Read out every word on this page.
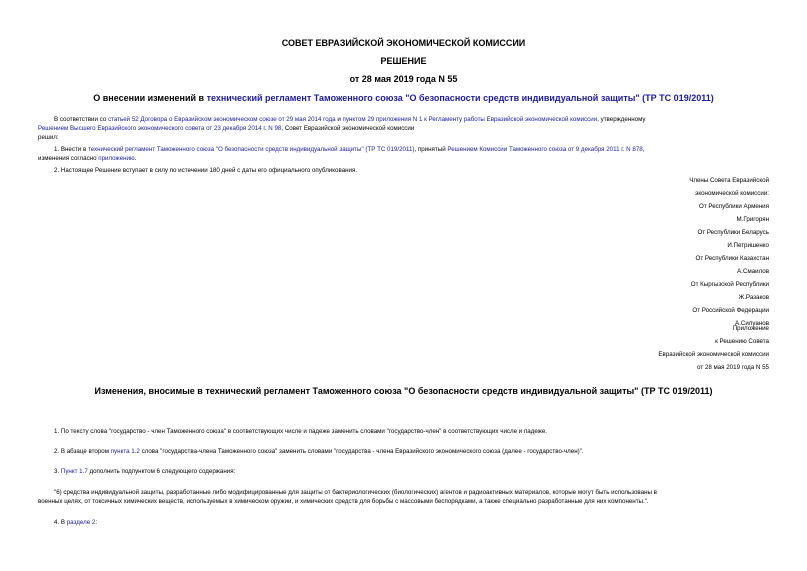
СОВЕТ ЕВРАЗИЙСКОЙ ЭКОНОМИЧЕСКОЙ КОМИССИИ
РЕШЕНИЕ
от 28 мая 2019 года N 55
О внесении изменений в технический регламент Таможенного союза "О безопасности средств индивидуальной защиты" (ТР ТС 019/2011)
В соответствии со статьей 52 Договора о Евразийском экономическом союзе от 29 мая 2014 года и пунктом 29 приложения N 1 к Регламенту работы Евразийской экономической комиссии, утвержденному
Решением Высшего Евразийского экономического совета от 23 декабря 2014 г. N 98, Совет Евразийской экономической комиссии
решил:
1. Внести в технический регламент Таможенного союза "О безопасности средств индивидуальной защиты" (ТР ТС 019/2011), принятый Решением Комиссии Таможенного союза от 9 декабря 2011 г. N 878,
изменения согласно приложению.
2. Настоящее Решение вступает в силу по истечении 180 дней с даты его официального опубликования.
Члены Совета Евразийской
экономической комиссии:
От Республики Армения
М.Григорян
От Республики Беларусь
И.Петришенко
От Республики Казахстан
А.Смаилов
От Кыргызской Республики
Ж.Разаков
От Российской Федерации
А.Силуанов
Приложение
к Решению Совета
Евразийской экономической комиссии
от 28 мая 2019 года N 55
Изменения, вносимые в технический регламент Таможенного союза "О безопасности средств индивидуальной защиты" (ТР ТС 019/2011)
1. По тексту слова "государство - член Таможенного союза" в соответствующих числе и падеже заменить словами "государство-член" в соответствующих числе и падеже.
2. В абзаце втором пункта 1.2 слова "государства-члена Таможенного союза" заменить словами "государства - члена Евразийского экономического союза (далее - государство-член)".
3. Пункт 1.7 дополнить подпунктом 6 следующего содержания:
"6) средства индивидуальной защиты, разработанные либо модифицированные для защиты от бактериологических (биологических) агентов и радиоактивных материалов, которые могут быть использованы в
военных целях, от токсичных химических веществ, используемых в химическом оружии, и химических средств для борьбы с массовыми беспорядками, а также специально разработанные для них компоненты.".
4. В разделе 2:
